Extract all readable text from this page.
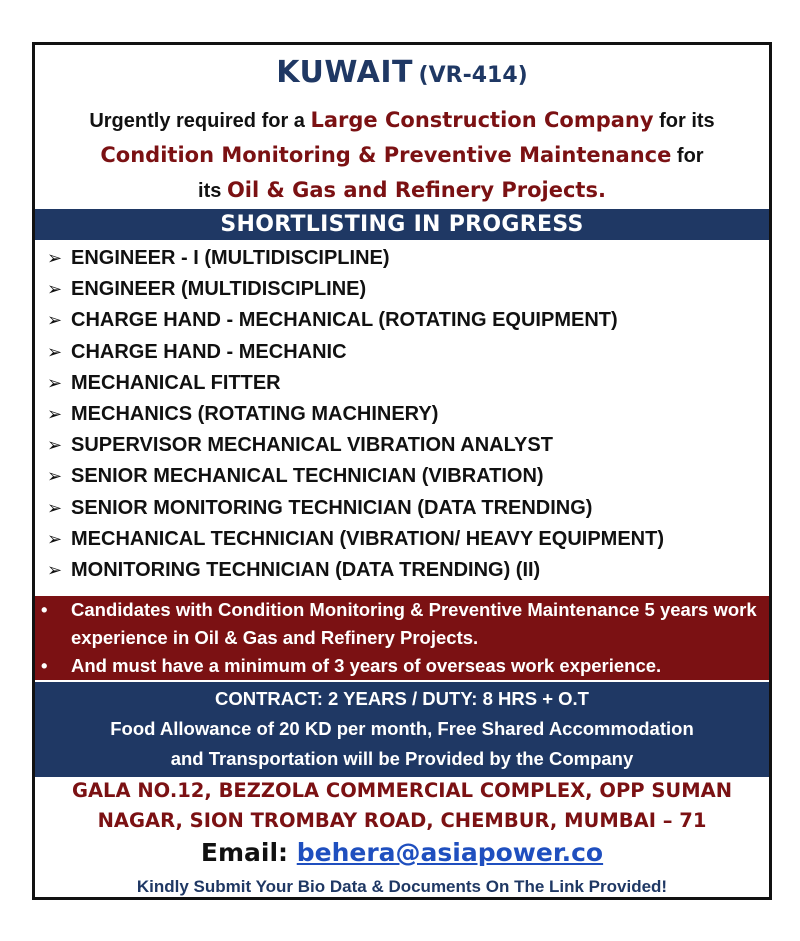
KUWAIT (VR-414)
Urgently required for a Large Construction Company for its
Condition Monitoring & Preventive Maintenance for
its Oil & Gas and Refinery Projects.
SHORTLISTING IN PROGRESS
➢ ENGINEER - I (MULTIDISCIPLINE)
➢ ENGINEER (MULTIDISCIPLINE)
➢ CHARGE HAND - MECHANICAL (ROTATING EQUIPMENT)
➢ CHARGE HAND - MECHANIC
➢ MECHANICAL FITTER
➢ MECHANICS (ROTATING MACHINERY)
➢ SUPERVISOR MECHANICAL VIBRATION ANALYST
➢ SENIOR MECHANICAL TECHNICIAN (VIBRATION)
➢ SENIOR MONITORING TECHNICIAN (DATA TRENDING)
➢ MECHANICAL TECHNICIAN (VIBRATION/ HEAVY EQUIPMENT)
➢ MONITORING TECHNICIAN (DATA TRENDING) (II)
• Candidates with Condition Monitoring & Preventive Maintenance 5 years work experience in Oil & Gas and Refinery Projects.
• And must have a minimum of 3 years of overseas work experience.
CONTRACT: 2 YEARS / DUTY: 8 HRS + O.T
Food Allowance of 20 KD per month, Free Shared Accommodation
and Transportation will be Provided by the Company
GALA NO.12, BEZZOLA COMMERCIAL COMPLEX, OPP SUMAN
NAGAR, SION TROMBAY ROAD, CHEMBUR, MUMBAI – 71
Email: behera@asiapower.co
Kindly Submit Your Bio Data & Documents On The Link Provided!
